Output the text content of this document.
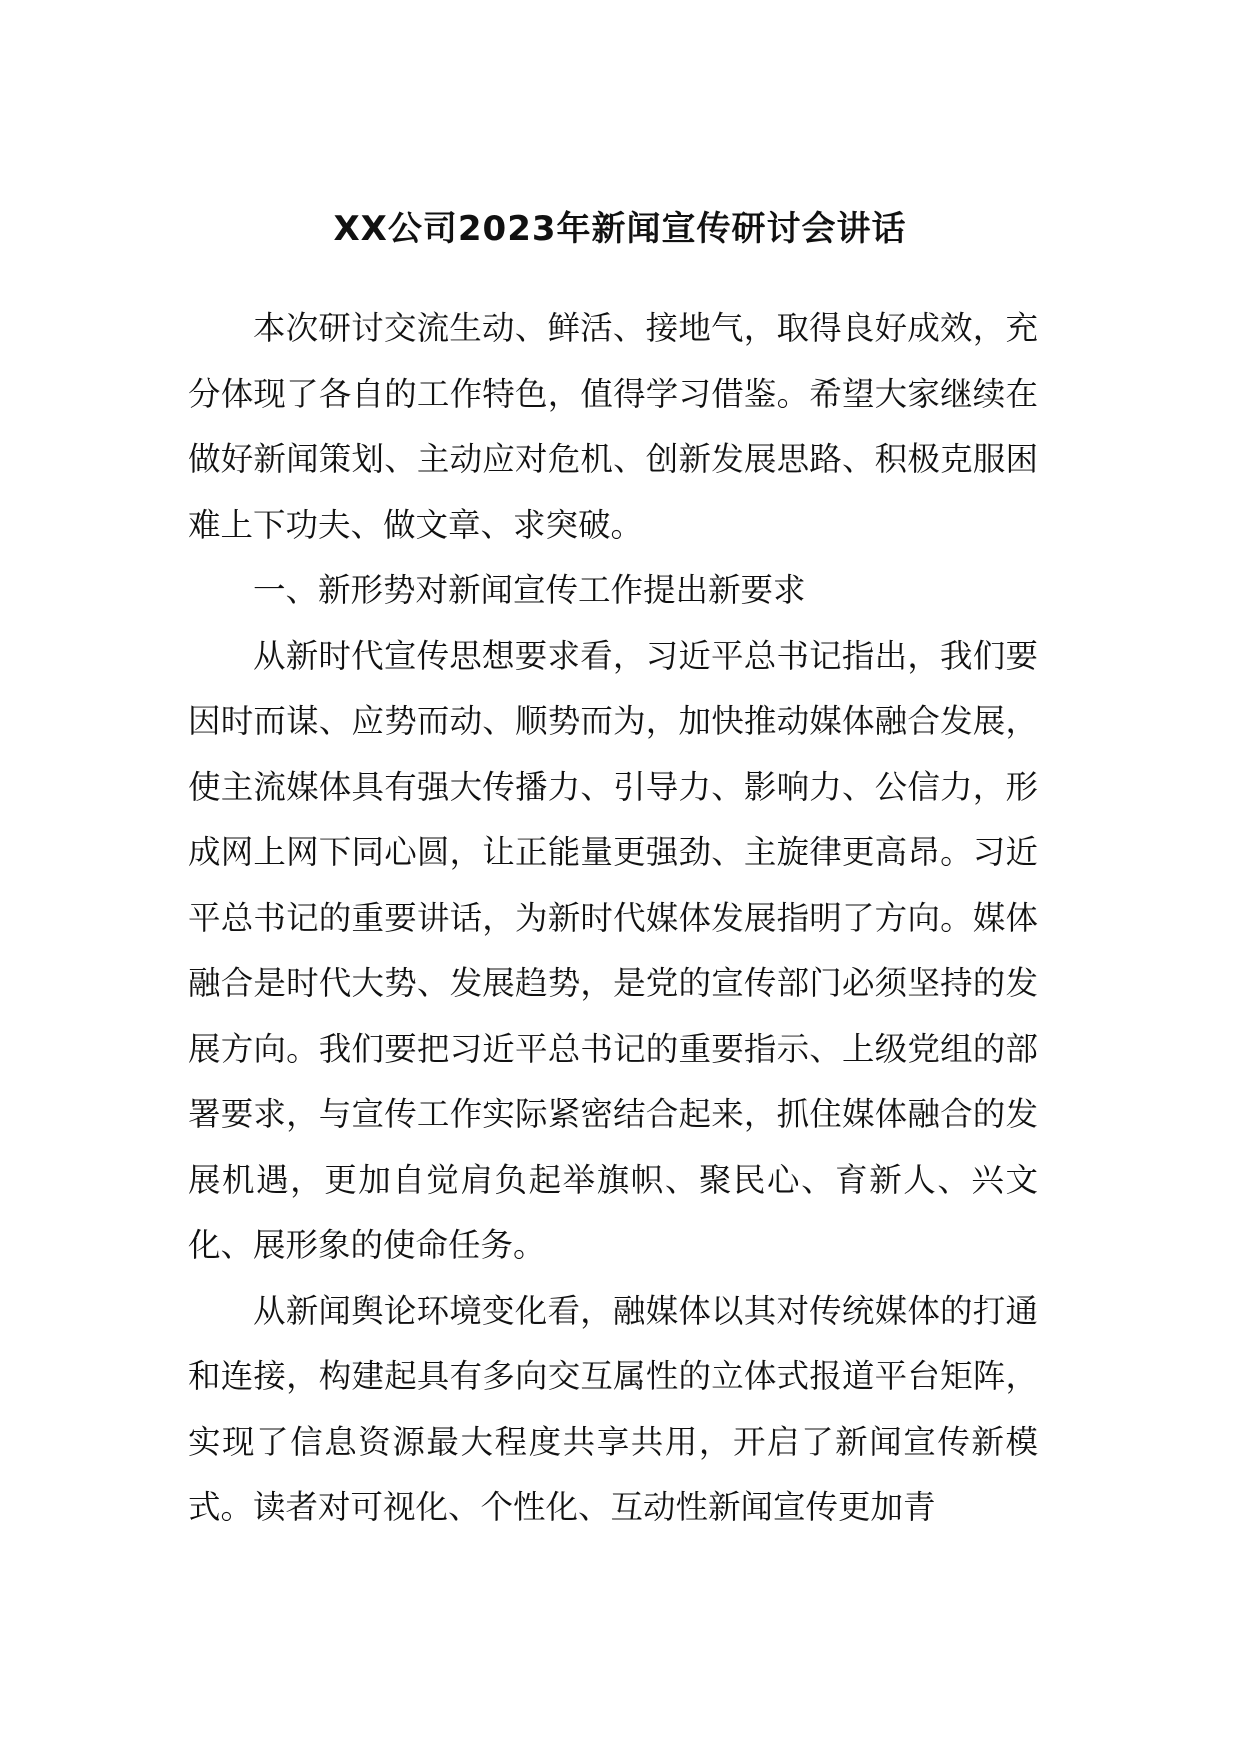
XX公司2023年新闻宣传研讨会讲话

本次研讨交流生动、鲜活、接地气，取得良好成效，充分体现了各自的工作特色，值得学习借鉴。希望大家继续在做好新闻策划、主动应对危机、创新发展思路、积极克服困难上下功夫、做文章、求突破。

一、新形势对新闻宣传工作提出新要求

从新时代宣传思想要求看，习近平总书记指出，我们要因时而谋、应势而动、顺势而为，加快推动媒体融合发展，使主流媒体具有强大传播力、引导力、影响力、公信力，形成网上网下同心圆，让正能量更强劲、主旋律更高昂。习近平总书记的重要讲话，为新时代媒体发展指明了方向。媒体融合是时代大势、发展趋势，是党的宣传部门必须坚持的发展方向。我们要把习近平总书记的重要指示、上级党组的部署要求，与宣传工作实际紧密结合起来，抓住媒体融合的发展机遇，更加自觉肩负起举旗帜、聚民心、育新人、兴文化、展形象的使命任务。

从新闻舆论环境变化看，融媒体以其对传统媒体的打通和连接，构建起具有多向交互属性的立体式报道平台矩阵，实现了信息资源最大程度共享共用，开启了新闻宣传新模式。读者对可视化、个性化、互动性新闻宣传更加青
